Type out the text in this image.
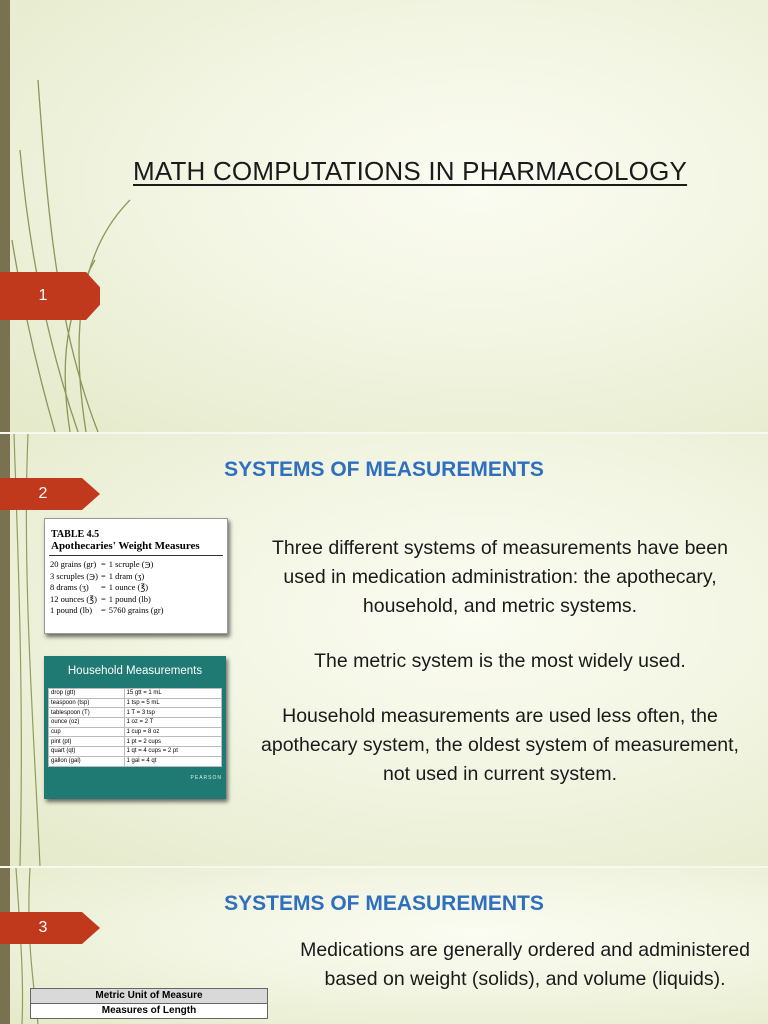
1
MATH COMPUTATIONS IN PHARMACOLOGY
2
SYSTEMS OF MEASUREMENTS
TABLE 4.5
Apothecaries' Weight Measures
20 grains (gr)	=	1 scruple (℈)
3 scruples (℈)	=	1 dram (ʒ)
8 drams (ʒ)	=	1 ounce (℥)
12 ounces (℥)	=	1 pound (lb)
1 pound (lb)	=	5760 grains (gr)
Household Measurements
drop (gtt)	15 gtt = 1 mL
teaspoon (tsp)	1 tsp = 5 mL
tablespoon (T)	1 T = 3 tsp
ounce (oz)	1 oz = 2 T
cup	1 cup = 8 oz
pint (pt)	1 pt = 2 cups
quart (qt)	1 qt = 4 cups = 2 pt
gallon (gal)	1 gal = 4 qt
PEARSON

Three different systems of measurements have been used in medication administration: the apothecary, household, and metric systems.

The metric system is the most widely used.

Household measurements are used less often, the apothecary system, the oldest system of measurement, not used in current system.

3
SYSTEMS OF MEASUREMENTS
Medications are generally ordered and administered based on weight (solids), and volume (liquids).
Metric Unit of Measure
Measures of Length
